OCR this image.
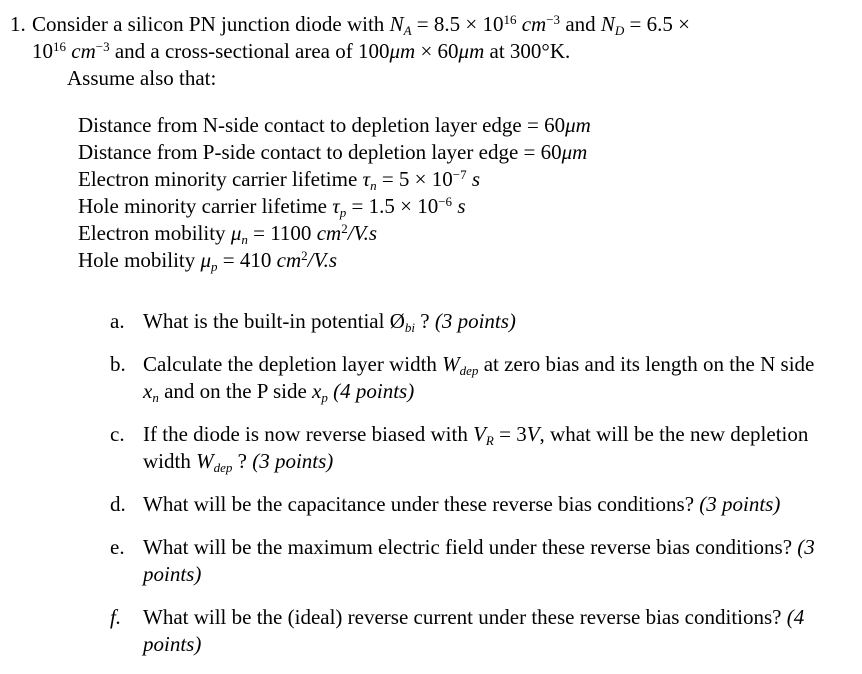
1. Consider a silicon PN junction diode with NA = $8.5 \times 10^{16}$ $cm^{-3}$ and ND = 6.5 ×
$10^{16}$ $cm^{-3}$ and a cross-sectional area of 100μm × 60μm at 300°K.
Assume also that:
Distance from N-side contact to depletion layer edge = 60μm
Distance from P-side contact to depletion layer edge = 60μm
Electron minority carrier lifetime $\tau n = 5 \times 10^{-7}$ s
Hole minority carrier lifetime $\tau p = 1.5 \times 10^{-6}$ s
Electron mobility μn = 1100 $cm^2/V.s$
Hole mobility μp = 410 $cm^2/V.s$
a. What is the built-in potential Øbi ? (3 points)
b. Calculate the depletion layer width Wdep at zero bias and its length on the N side
xn and on the P side xp (4 points)
c. If the diode is now reverse biased with VR = 3V, what will be the new depletion
width Wdep ? (3 points)
d. What will be the capacitance under these reverse bias conditions? (3 points)
e. What will be the maximum electric field under these reverse bias conditions? (3
points)
f.	What will be the (ideal) reverse current under these reverse bias conditions? (4
points)
